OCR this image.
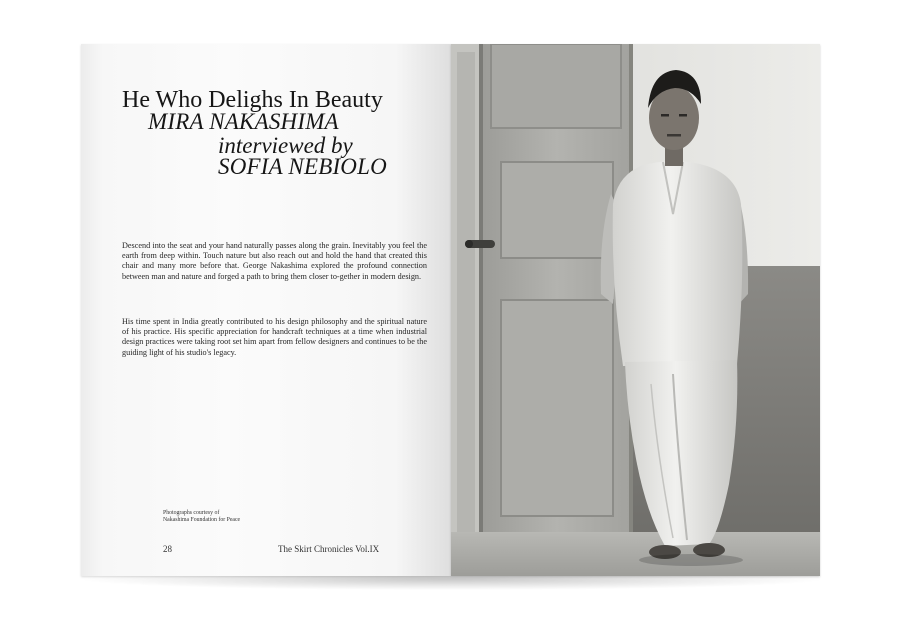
He Who Delighs In Beauty
MIRA NAKASHIMA
interviewed by
SOFIA NEBIOLO

Descend into the seat and your hand naturally passes along the grain. Inevitably you feel the earth from deep within. Touch nature but also reach out and hold the hand that created this chair and many more before that. George Nakashima explored the profound connection between man and nature and forged a path to bring them closer to-gether in modern design.

His time spent in India greatly contributed to his design philosophy and the spiritual nature of his practice. His specific appreciation for handcraft techniques at a time when industrial design practices were taking root set him apart from fellow designers and continues to be the guiding light of his studio's legacy.

Photographs courtesy of
Nakashima Foundation for Peace
28	The Skirt Chronicles Vol.IX
